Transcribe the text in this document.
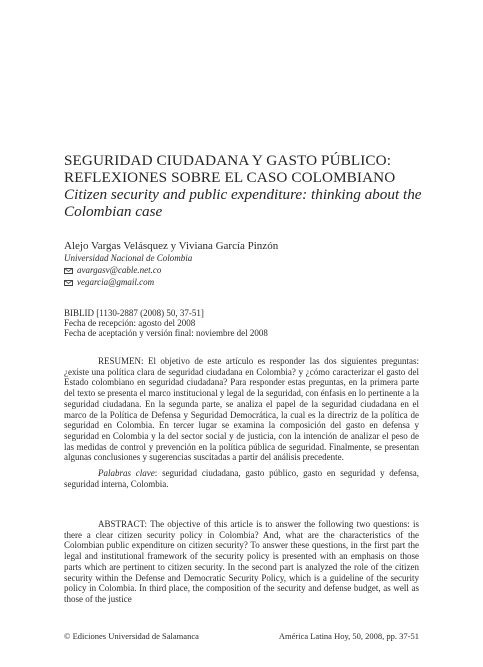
SEGURIDAD CIUDADANA Y GASTO PÚBLICO:
REFLEXIONES SOBRE EL CASO COLOMBIANO
Citizen security and public expenditure: thinking about the
Colombian case
Alejo Vargas Velásquez y Viviana García Pinzón
Universidad Nacional de Colombia
avargasv@cable.net.co
vegarcia@gmail.com
BIBLID [1130-2887 (2008) 50, 37-51]
Fecha de recepción: agosto del 2008
Fecha de aceptación y versión final: noviembre del 2008
RESUMEN: El objetivo de este artículo es responder las dos siguientes preguntas: ¿existe una política clara de seguridad ciudadana en Colombia? y ¿cómo caracterizar el gasto del Estado colombiano en seguridad ciudadana? Para responder estas preguntas, en la primera parte del texto se presenta el marco institucional y legal de la seguridad, con énfasis en lo pertinente a la seguridad ciudadana. En la segunda parte, se analiza el papel de la seguridad ciudadana en el marco de la Política de Defensa y Seguridad Democrática, la cual es la directriz de la política de seguridad en Colombia. En tercer lugar se examina la composición del gasto en defensa y seguridad en Colombia y la del sector social y de justicia, con la intención de analizar el peso de las medidas de control y prevención en la política pública de seguridad. Finalmente, se presentan algunas conclusiones y sugerencias suscitadas a partir del análisis precedente.
Palabras clave: seguridad ciudadana, gasto público, gasto en seguridad y defensa, seguridad interna, Colombia.
ABSTRACT: The objective of this article is to answer the following two questions: is there a clear citizen security policy in Colombia? And, what are the characteristics of the Colombian public expenditure on citizen security? To answer these questions, in the first part the legal and institutional framework of the security policy is presented with an emphasis on those parts which are pertinent to citizen security. In the second part is analyzed the role of the citizen security within the Defense and Democratic Security Policy, which is a guideline of the security policy in Colombia. In third place, the composition of the security and defense budget, as well as those of the justice
© Ediciones Universidad de Salamanca	América Latina Hoy, 50, 2008, pp. 37-51
